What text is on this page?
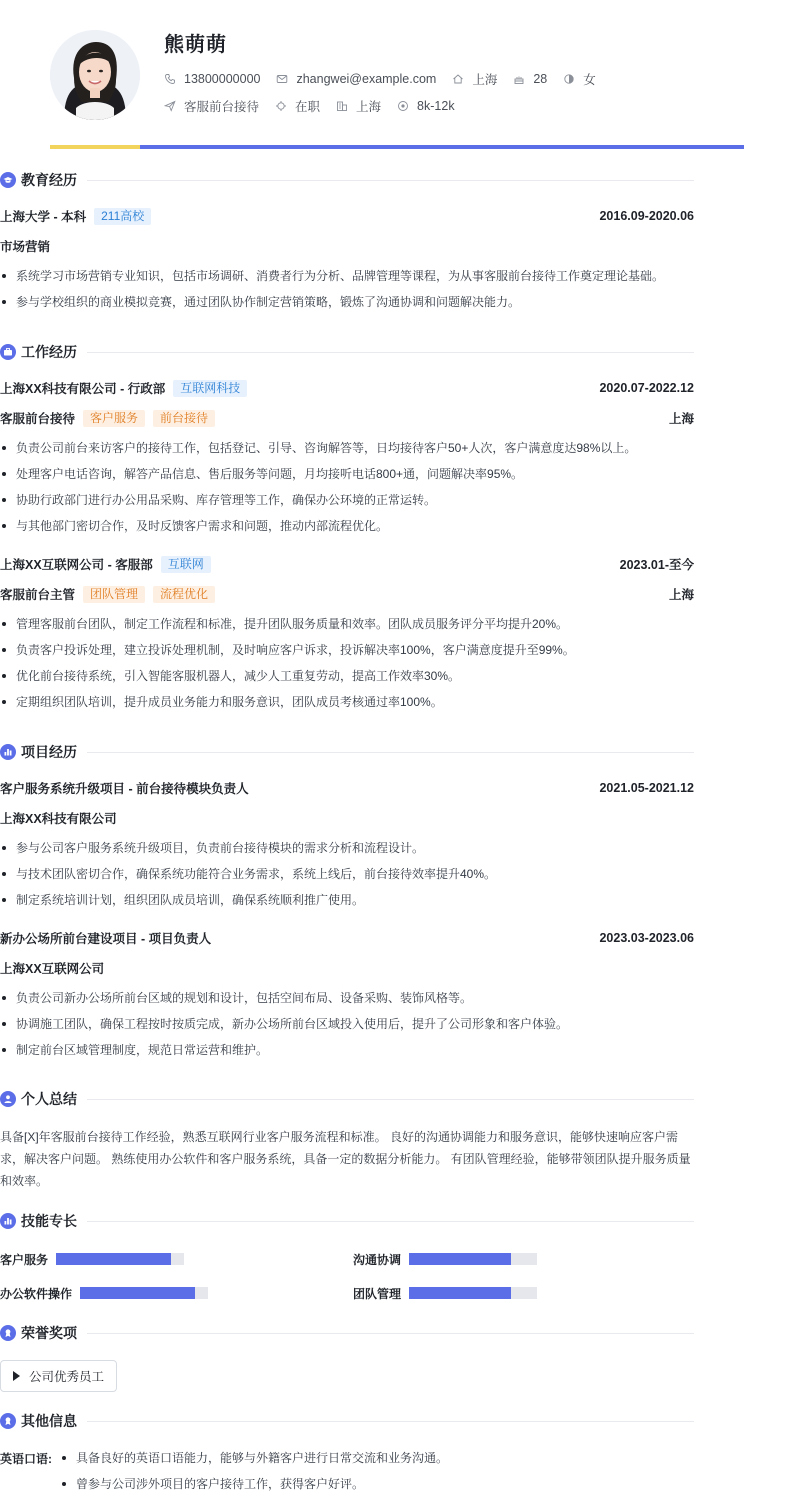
熊萌萌
13800000000	zhangwei@example.com	上海	28	女
客服前台接待	在职	上海	8k-12k
教育经历
上海大学 - 本科	211高校	2016.09-2020.06
市场营销
系统学习市场营销专业知识，包括市场调研、消费者行为分析、品牌管理等课程，为从事客服前台接待工作奠定理论基础。
参与学校组织的商业模拟竞赛，通过团队协作制定营销策略，锻炼了沟通协调和问题解决能力。
工作经历
上海XX科技有限公司 - 行政部	互联网科技	2020.07-2022.12
客服前台接待	客户服务	前台接待	上海
负责公司前台来访客户的接待工作，包括登记、引导、咨询解答等，日均接待客户50+人次，客户满意度达98%以上。
处理客户电话咨询，解答产品信息、售后服务等问题，月均接听电话800+通，问题解决率95%。
协助行政部门进行办公用品采购、库存管理等工作，确保办公环境的正常运转。
与其他部门密切合作，及时反馈客户需求和问题，推动内部流程优化。
上海XX互联网公司 - 客服部	互联网	2023.01-至今
客服前台主管	团队管理	流程优化	上海
管理客服前台团队，制定工作流程和标准，提升团队服务质量和效率。团队成员服务评分平均提升20%。
负责客户投诉处理，建立投诉处理机制，及时响应客户诉求，投诉解决率100%，客户满意度提升至99%。
优化前台接待系统，引入智能客服机器人，减少人工重复劳动，提高工作效率30%。
定期组织团队培训，提升成员业务能力和服务意识，团队成员考核通过率100%。
项目经历
客户服务系统升级项目 - 前台接待模块负责人	2021.05-2021.12
上海XX科技有限公司
参与公司客户服务系统升级项目，负责前台接待模块的需求分析和流程设计。
与技术团队密切合作，确保系统功能符合业务需求，系统上线后，前台接待效率提升40%。
制定系统培训计划，组织团队成员培训，确保系统顺利推广使用。
新办公场所前台建设项目 - 项目负责人	2023.03-2023.06
上海XX互联网公司
负责公司新办公场所前台区域的规划和设计，包括空间布局、设备采购、装饰风格等。
协调施工团队，确保工程按时按质完成，新办公场所前台区域投入使用后，提升了公司形象和客户体验。
制定前台区域管理制度，规范日常运营和维护。
个人总结
具备[X]年客服前台接待工作经验，熟悉互联网行业客户服务流程和标准。 良好的沟通协调能力和服务意识，能够快速响应客户需
求，解决客户问题。 熟练使用办公软件和客户服务系统，具备一定的数据分析能力。 有团队管理经验，能够带领团队提升服务质量
和效率。
技能专长
客户服务	沟通协调
办公软件操作	团队管理
荣誉奖项
公司优秀员工
其他信息
英语口语:	具备良好的英语口语能力，能够与外籍客户进行日常交流和业务沟通。
曾参与公司涉外项目的客户接待工作，获得客户好评。
